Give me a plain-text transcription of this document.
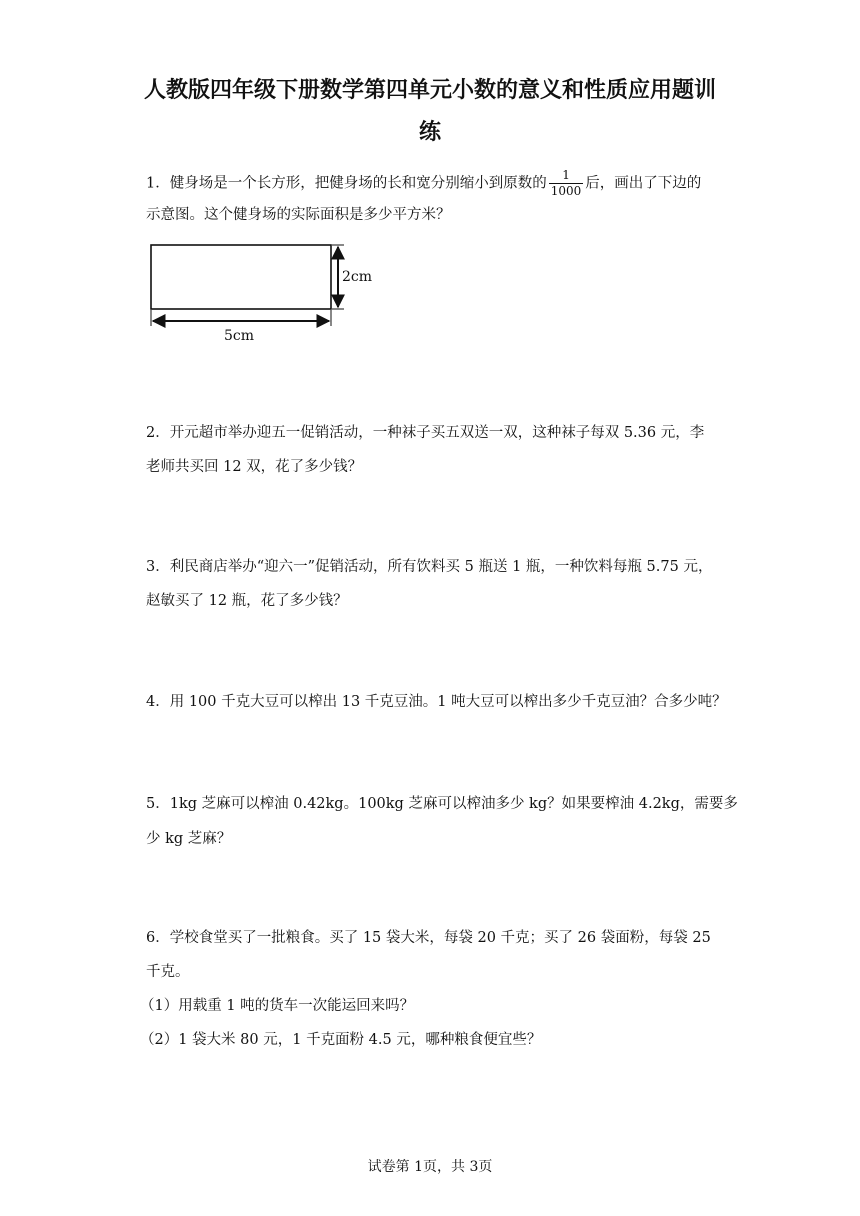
人教版四年级下册数学第四单元小数的意义和性质应用题训
练
1．健身场是一个长方形，把健身场的长和宽分别缩小到原数的 $\frac{1}{1000}$ 后，画出了下边的
示意图。这个健身场的实际面积是多少平方米？
2cm
5cm
2．开元超市举办迎五一促销活动，一种袜子买五双送一双，这种袜子每双 5.36 元，李
老师共买回 12 双，花了多少钱？
3．利民商店举办“迎六一”促销活动，所有饮料买 5 瓶送 1 瓶，一种饮料每瓶 5.75 元，
赵敏买了 12 瓶，花了多少钱？
4．用 100 千克大豆可以榨出 13 千克豆油。1 吨大豆可以榨出多少千克豆油？合多少吨？
5．1kg 芝麻可以榨油 0.42kg。100kg 芝麻可以榨油多少 kg？如果要榨油 4.2kg，需要多
少 kg 芝麻？
6．学校食堂买了一批粮食。买了 15 袋大米，每袋 20 千克；买了 26 袋面粉，每袋 25
千克。
（1）用载重 1 吨的货车一次能运回来吗？
（2）1 袋大米 80 元，1 千克面粉 4.5 元，哪种粮食便宜些？
试卷第 1页，共 3页
